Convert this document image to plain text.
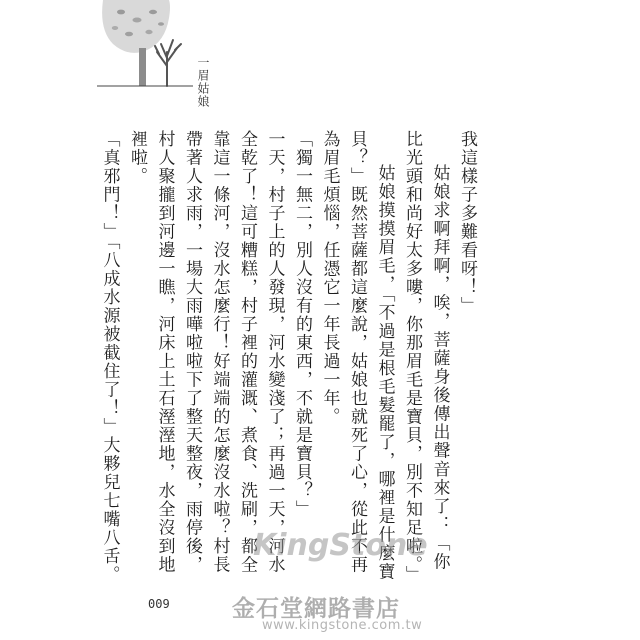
一眉姑娘

我這樣子多難看呀！」

姑娘求啊拜啊，唉，菩薩身後傳出聲音來了：「你比光頭和尚好太多嘍，你那眉毛是寶貝，別不知足啦。」

姑娘摸摸眉毛，「不過是根毛髮罷了，哪裡是什麼寶貝？」既然菩薩都這麼說，姑娘也就死了心，從此不再為眉毛煩惱，任憑它一年長過一年。

「獨一無二，別人沒有的東西，不就是寶貝？」

一天，村子上的人發現，河水變淺了；再過一天，河水全乾了！這可糟糕，村子裡的灌溉、煮食、洗刷，都全靠這一條河，沒水怎麼行！好端端的怎麼沒水啦？村長帶著人求雨，一場大雨嘩啦啦下了整天整夜，雨停後，村人聚攏到河邊一瞧，河床上土石溼溼地，水全沒到地裡啦。

「真邪門！」「八成水源被截住了！」大夥兒七嘴八舌。

009
KingStone
金石堂網路書店
www.kingstone.com.tw
